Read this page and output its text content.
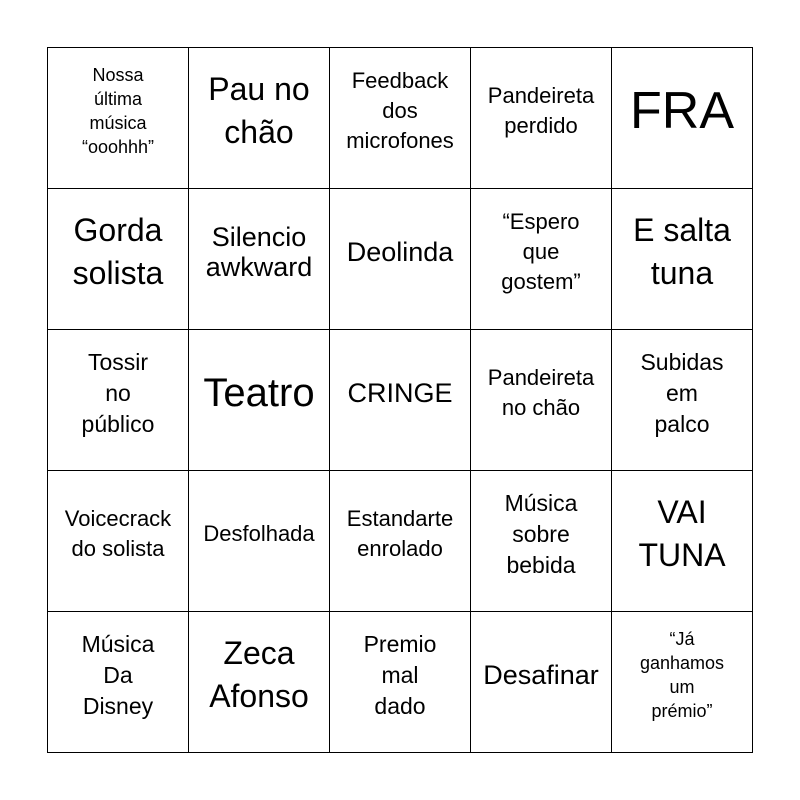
Nossa
última
música
“ooohhh”
Pau no
chão
Feedback
dos
microfones
Pandeireta
perdido	FRA
Gorda
solista
Silencio
awkward Deolinda
“Espero
que
gostem”
E salta
tuna
Tossir
no
público
Teatro CRINGE
Pandeireta
no chão
Subidas
em
palco
Voicecrack
do solista
Desfolhada
Estandarte
enrolado
Música
sobre
bebida
VAI
TUNA
Música
Da
Disney
Zeca
Afonso
Premio
mal
dado
Desafinar
“Já
ganhamos
um
prémio”
